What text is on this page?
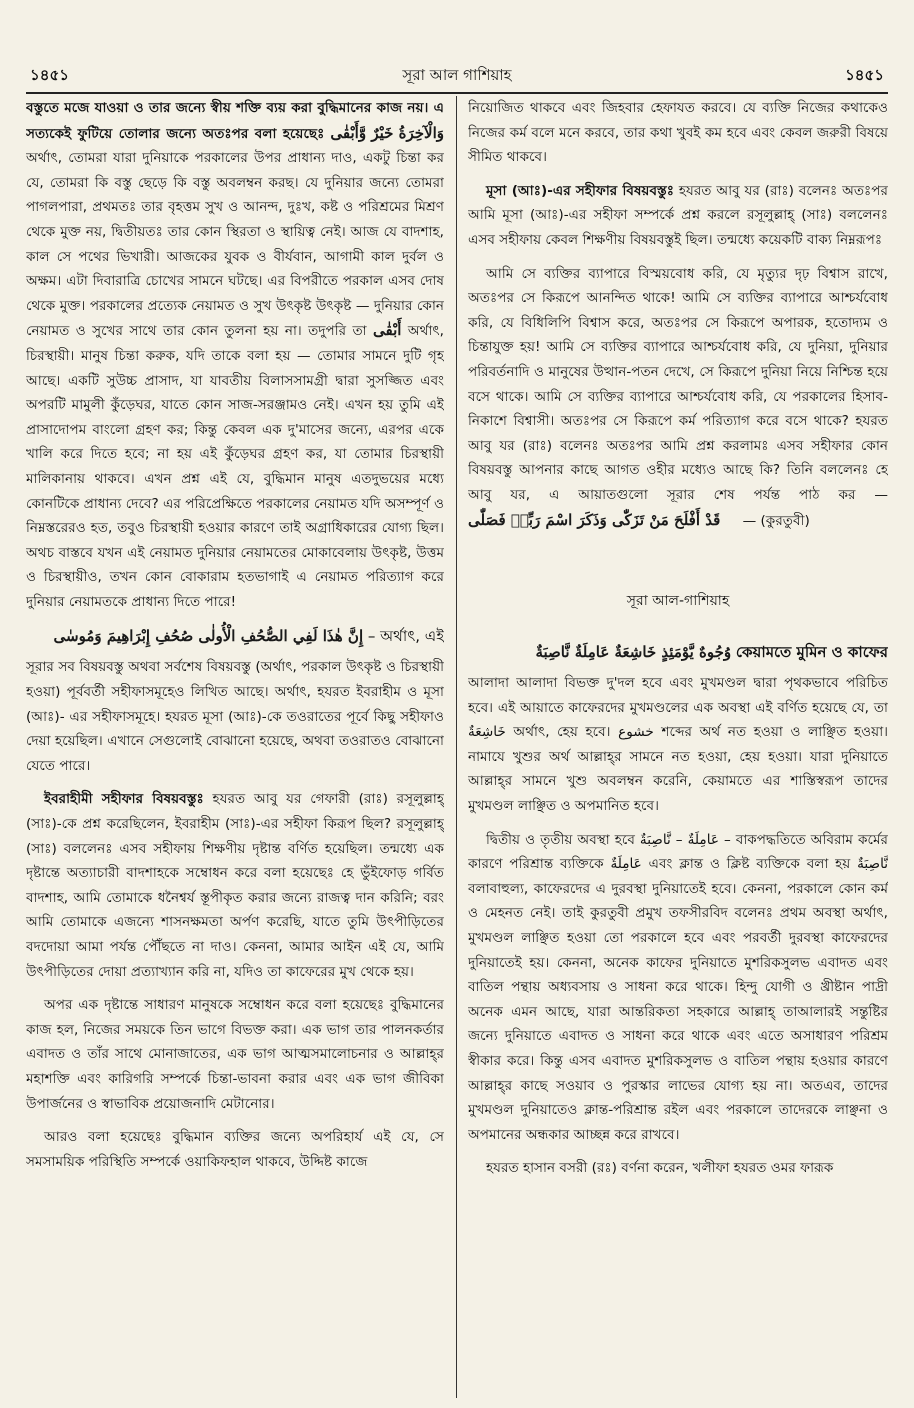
১৪৫১	সূরা আল গাশিয়াহ	১৪৫১

বস্তুতে মজে যাওয়া ও তার জন্যে স্বীয় শক্তি ব্যয় করা বুদ্ধিমানের কাজ নয়। এ সত্যকেই ফুটিয়ে তোলার জন্যে অতঃপর বলা হয়েছেঃ وَالْآخِرَةُ خَيْرٌ وَّأَبْقٰى অর্থাৎ, তোমরা যারা দুনিয়াকে পরকালের উপর প্রাধান্য দাও, একটু চিন্তা কর যে, তোমরা কি বস্তু ছেড়ে কি বস্তু অবলম্বন করছ। যে দুনিয়ার জন্যে তোমরা পাগলপারা, প্রথমতঃ তার বৃহত্তম সুখ ও আনন্দ, দুঃখ, কষ্ট ও পরিশ্রমের মিশ্রণ থেকে মুক্ত নয়, দ্বিতীয়তঃ তার কোন স্থিরতা ও স্থায়িত্ব নেই। আজ যে বাদশাহ, কাল সে পথের ভিখারী। আজকের যুবক ও বীর্যবান, আগামী কাল দুর্বল ও অক্ষম। এটা দিবারাত্রি চোখের সামনে ঘটছে। এর বিপরীতে পরকাল এসব দোষ থেকে মুক্ত। পরকালের প্রত্যেক নেয়ামত ও সুখ উৎকৃষ্ট উৎকৃষ্ট — দুনিয়ার কোন নেয়ামত ও সুখের সাথে তার কোন তুলনা হয় না। তদুপরি তা أَبْقٰى অর্থাৎ, চিরস্থায়ী। মানুষ চিন্তা করুক, যদি তাকে বলা হয় — তোমার সামনে দুটি গৃহ আছে। একটি সুউচ্চ প্রাসাদ, যা যাবতীয় বিলাসসামগ্রী দ্বারা সুসজ্জিত এবং অপরটি মামুলী কুঁড়েঘর, যাতে কোন সাজ-সরঞ্জামও নেই। এখন হয় তুমি এই প্রাসাদোপম বাংলো গ্রহণ কর; কিন্তু কেবল এক দু'মাসের জন্যে, এরপর একে খালি করে দিতে হবে; না হয় এই কুঁড়েঘর গ্রহণ কর, যা তোমার চিরস্থায়ী মালিকানায় থাকবে। এখন প্রশ্ন এই যে, বুদ্ধিমান মানুষ এতদুভয়ের মধ্যে কোনটিকে প্রাধান্য দেবে? এর পরিপ্রেক্ষিতে পরকালের নেয়ামত যদি অসম্পূর্ণ ও নিম্নস্তরেরও হত, তবুও চিরস্থায়ী হওয়ার কারণে তাই অগ্রাধিকারের যোগ্য ছিল। অথচ বাস্তবে যখন এই নেয়ামত দুনিয়ার নেয়ামতের মোকাবেলায় উৎকৃষ্ট, উত্তম ও চিরস্থায়ীও, তখন কোন বোকারাম হতভাগাই এ নেয়ামত পরিত্যাগ করে দুনিয়ার নেয়ামতকে প্রাধান্য দিতে পারে!

إِنَّ هٰذَا لَفِي الصُّحُفِ الْأُولٰى صُحُفِ إِبْرَاهِيمَ وَمُوسٰى – অর্থাৎ, এই

সূরার সব বিষয়বস্তু অথবা সর্বশেষ বিষয়বস্তু (অর্থাৎ, পরকাল উৎকৃষ্ট ও চিরস্থায়ী হওয়া) পূর্ববর্তী সহীফাসমূহেও লিখিত আছে। অর্থাৎ, হযরত ইবরাহীম ও মূসা (আঃ)- এর সহীফাসমূহে। হযরত মূসা (আঃ)-কে তওরাতের পূর্বে কিছু সহীফাও দেয়া হয়েছিল। এখানে সেগুলোই বোঝানো হয়েছে, অথবা তওরাতও বোঝানো যেতে পারে।

ইবরাহীমী সহীফার বিষয়বস্তুঃ হযরত আবু যর গেফারী (রাঃ) রসূলুল্লাহ্ (সাঃ)-কে প্রশ্ন করেছিলেন, ইবরাহীম (সাঃ)-এর সহীফা কিরূপ ছিল? রসূলুল্লাহ্ (সাঃ) বললেনঃ এসব সহীফায় শিক্ষণীয় দৃষ্টান্ত বর্ণিত হয়েছিল। তন্মধ্যে এক দৃষ্টান্তে অত্যাচারী বাদশাহকে সম্বোধন করে বলা হয়েছেঃ হে ভুঁইফোড় গর্বিত বাদশাহ, আমি তোমাকে ধনৈশ্বর্য স্তূপীকৃত করার জন্যে রাজত্ব দান করিনি; বরং আমি তোমাকে এজন্যে শাসনক্ষমতা অর্পণ করেছি, যাতে তুমি উৎপীড়িতের বদদোয়া আমা পর্যন্ত পৌঁছতে না দাও। কেননা, আমার আইন এই যে, আমি উৎপীড়িতের দোয়া প্রত্যাখ্যান করি না, যদিও তা কাফেরের মুখ থেকে হয়।

অপর এক দৃষ্টান্তে সাধারণ মানুষকে সম্বোধন করে বলা হয়েছেঃ বুদ্ধিমানের কাজ হল, নিজের সময়কে তিন ভাগে বিভক্ত করা। এক ভাগ তার পালনকর্তার এবাদত ও তাঁর সাথে মোনাজাতের, এক ভাগ আত্মসমালোচনার ও আল্লাহ্‌র মহাশক্তি এবং কারিগরি সম্পর্কে চিন্তা-ভাবনা করার এবং এক ভাগ জীবিকা উপার্জনের ও স্বাভাবিক প্রয়োজনাদি মেটানোর।

আরও বলা হয়েছেঃ বুদ্ধিমান ব্যক্তির জন্যে অপরিহার্য এই যে, সে সমসাময়িক পরিস্থিতি সম্পর্কে ওয়াকিফহাল থাকবে, উদ্দিষ্ট কাজে

নিয়োজিত থাকবে এবং জিহবার হেফাযত করবে। যে ব্যক্তি নিজের কথাকেও নিজের কর্ম বলে মনে করবে, তার কথা খুবই কম হবে এবং কেবল জরুরী বিষয়ে সীমিত থাকবে।

মূসা (আঃ)-এর সহীফার বিষয়বস্তুঃ হযরত আবু যর (রাঃ) বলেনঃ অতঃপর আমি মূসা (আঃ)-এর সহীফা সম্পর্কে প্রশ্ন করলে রসূলুল্লাহ্ (সাঃ) বললেনঃ এসব সহীফায় কেবল শিক্ষণীয় বিষয়বস্তুই ছিল। তন্মধ্যে কয়েকটি বাক্য নিম্নরূপঃ

আমি সে ব্যক্তির ব্যাপারে বিস্ময়বোধ করি, যে মৃত্যুর দৃঢ় বিশ্বাস রাখে, অতঃপর সে কিরূপে আনন্দিত থাকে! আমি সে ব্যক্তির ব্যাপারে আশ্চর্যবোধ করি, যে বিধিলিপি বিশ্বাস করে, অতঃপর সে কিরূপে অপারক, হতোদ্যম ও চিন্তাযুক্ত হয়! আমি সে ব্যক্তির ব্যাপারে আশ্চর্যবোধ করি, যে দুনিয়া, দুনিয়ার পরিবর্তনাদি ও মানুষের উত্থান-পতন দেখে, সে কিরূপে দুনিয়া নিয়ে নিশ্চিন্ত হয়ে বসে থাকে। আমি সে ব্যক্তির ব্যাপারে আশ্চর্যবোধ করি, যে পরকালের হিসাব-নিকাশে বিশ্বাসী। অতঃপর সে কিরূপে কর্ম পরিত্যাগ করে বসে থাকে? হযরত আবু যর (রাঃ) বলেনঃ অতঃপর আমি প্রশ্ন করলামঃ এসব সহীফার কোন বিষয়বস্তু আপনার কাছে আগত ওহীর মধ্যেও আছে কি? তিনি বললেনঃ হে আবু যর, এ আয়াতগুলো সূরার শেষ পর্যন্ত পাঠ কর — قَدْ أَفْلَحَ مَنْ تَزَكّٰى وَذَكَرَ اسْمَ رَبِّهٖ فَصَلّٰى — (কুরতুবী)

সূরা আল-গাশিয়াহ
وُجُوهٌ يَّوْمَئِذٍ خَاشِعَةٌ عَامِلَةٌ نَّاصِبَةٌ কেয়ামতে মুমিন ও কাফের

আলাদা আলাদা বিভক্ত দু'দল হবে এবং মুখমণ্ডল দ্বারা পৃথকভাবে পরিচিত হবে। এই আয়াতে কাফেরদের মুখমণ্ডলের এক অবস্থা এই বর্ণিত হয়েছে যে, তা خَاشِعَةٌ অর্থাৎ, হেয় হবে। خشوع শব্দের অর্থ নত হওয়া ও লাঞ্ছিত হওয়া। নামাযে খুশুর অর্থ আল্লাহ্‌র সামনে নত হওয়া, হেয় হওয়া। যারা দুনিয়াতে আল্লাহ্‌র সামনে খুশু অবলম্বন করেনি, কেয়ামতে এর শাস্তিস্বরূপ তাদের মুখমণ্ডল লাঞ্ছিত ও অপমানিত হবে।

দ্বিতীয় ও তৃতীয় অবস্থা হবে عَامِلَةٌ – نَّاصِبَةٌ – বাকপদ্ধতিতে অবিরাম কর্মের কারণে পরিশ্রান্ত ব্যক্তিকে عَامِلَةٌ এবং ক্লান্ত ও ক্লিষ্ট ব্যক্তিকে বলা হয় نَّاصِبَةٌ বলাবাহুল্য, কাফেরদের এ দুরবস্থা দুনিয়াতেই হবে। কেননা, পরকালে কোন কর্ম ও মেহনত নেই। তাই কুরতুবী প্রমুখ তফসীরবিদ বলেনঃ প্রথম অবস্থা অর্থাৎ, মুখমণ্ডল লাঞ্ছিত হওয়া তো পরকালে হবে এবং পরবর্তী দুরবস্থা কাফেরদের দুনিয়াতেই হয়। কেননা, অনেক কাফের দুনিয়াতে মুশরিকসুলভ এবাদত এবং বাতিল পন্থায় অধ্যবসায় ও সাধনা করে থাকে। হিন্দু যোগী ও খ্রীষ্টান পাদ্রী অনেক এমন আছে, যারা আন্তরিকতা সহকারে আল্লাহ্ তাআলারই সন্তুষ্টির জন্যে দুনিয়াতে এবাদত ও সাধনা করে থাকে এবং এতে অসাধারণ পরিশ্রম স্বীকার করে। কিন্তু এসব এবাদত মুশরিকসুলভ ও বাতিল পন্থায় হওয়ার কারণে আল্লাহ্‌র কাছে সওয়াব ও পুরস্কার লাভের যোগ্য হয় না। অতএব, তাদের মুখমণ্ডল দুনিয়াতেও ক্লান্ত-পরিশ্রান্ত রইল এবং পরকালে তাদেরকে লাঞ্ছনা ও অপমানের অন্ধকার আচ্ছন্ন করে রাখবে।

হযরত হাসান বসরী (রঃ) বর্ণনা করেন, খলীফা হযরত ওমর ফারূক
